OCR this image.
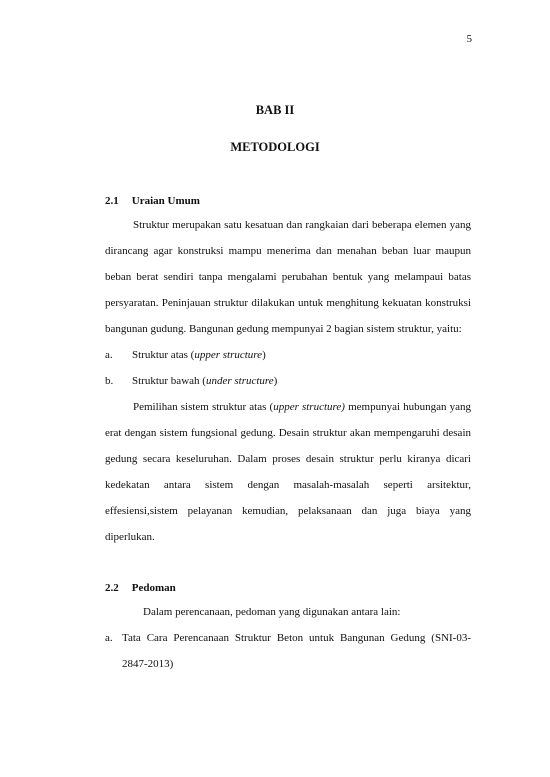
5
BAB II
METODOLOGI
2.1 Uraian Umum
Struktur merupakan satu kesatuan dan rangkaian dari beberapa elemen yang
dirancang agar konstruksi mampu menerima dan menahan beban luar maupun
beban berat sendiri tanpa mengalami perubahan bentuk yang melampaui batas
persyaratan. Peninjauan struktur dilakukan untuk menghitung kekuatan konstruksi
bangunan gudung. Bangunan gedung mempunyai 2 bagian sistem struktur, yaitu:
a. Struktur atas (upper structure)
b. Struktur bawah (under structure)
Pemilihan sistem struktur atas (upper structure) mempunyai hubungan yang
erat dengan sistem fungsional gedung. Desain struktur akan mempengaruhi desain
gedung secara keseluruhan. Dalam proses desain struktur perlu kiranya dicari
kedekatan antara sistem dengan masalah-masalah seperti arsitektur,
effesiensi,sistem pelayanan kemudian, pelaksanaan dan juga biaya yang
diperlukan.
2.2 Pedoman
Dalam perencanaan, pedoman yang digunakan antara lain:
a. Tata Cara Perencanaan Struktur Beton untuk Bangunan Gedung (SNI-03-
2847-2013)
